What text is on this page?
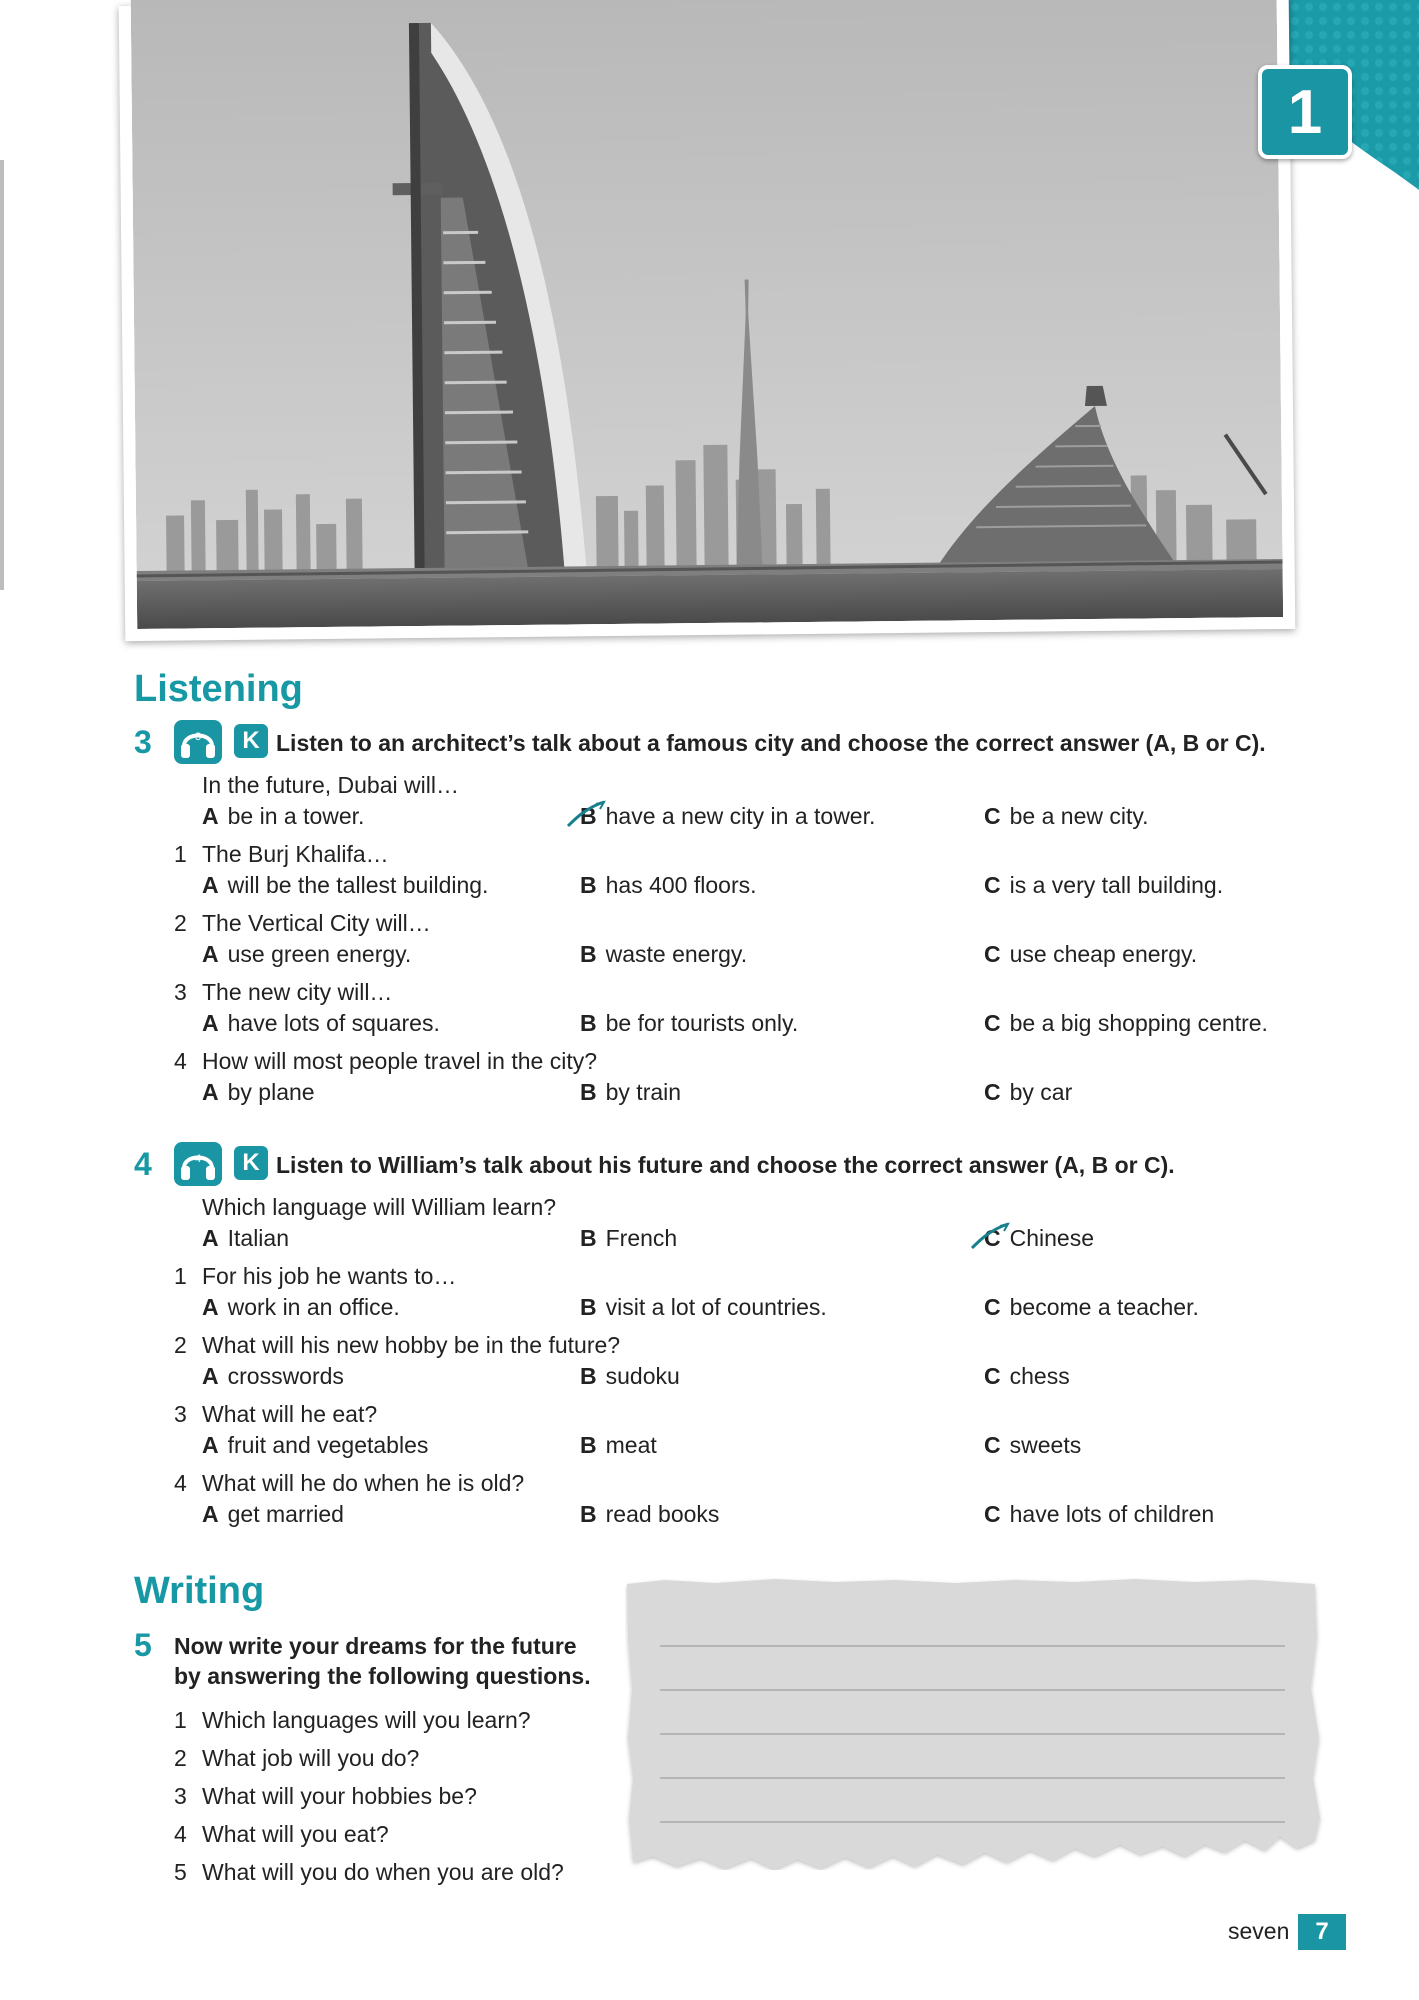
1
Listening
3	3	K Listen to an architect’s talk about a famous city and choose the correct answer (A, B or C).
In the future, Dubai will…
A be in a tower.	B have a new city in a tower.	C be a new city.
1 The Burj Khalifa…
A will be the tallest building.	B has 400 floors.	C is a very tall building.
2 The Vertical City will…
A use green energy.	B waste energy.	C use cheap energy.
3 The new city will…
A have lots of squares.	B be for tourists only.	C be a big shopping centre.
4 How will most people travel in the city?
A by plane	B by train	C by car
4	4	K Listen to William’s talk about his future and choose the correct answer (A, B or C).
Which language will William learn?
A Italian	B French	C Chinese
1 For his job he wants to…
A work in an office.	B visit a lot of countries.	C become a teacher.
2 What will his new hobby be in the future?
A crosswords	B sudoku	C chess
3 What will he eat?
A fruit and vegetables	B meat	C sweets
4 What will he do when he is old?
A get married	B read books	C have lots of children
Writing
5 Now write your dreams for the future
by answering the following questions.
1 Which languages will you learn?
2 What job will you do?
3 What will your hobbies be?
4 What will you eat?
5 What will you do when you are old?
seven	7
